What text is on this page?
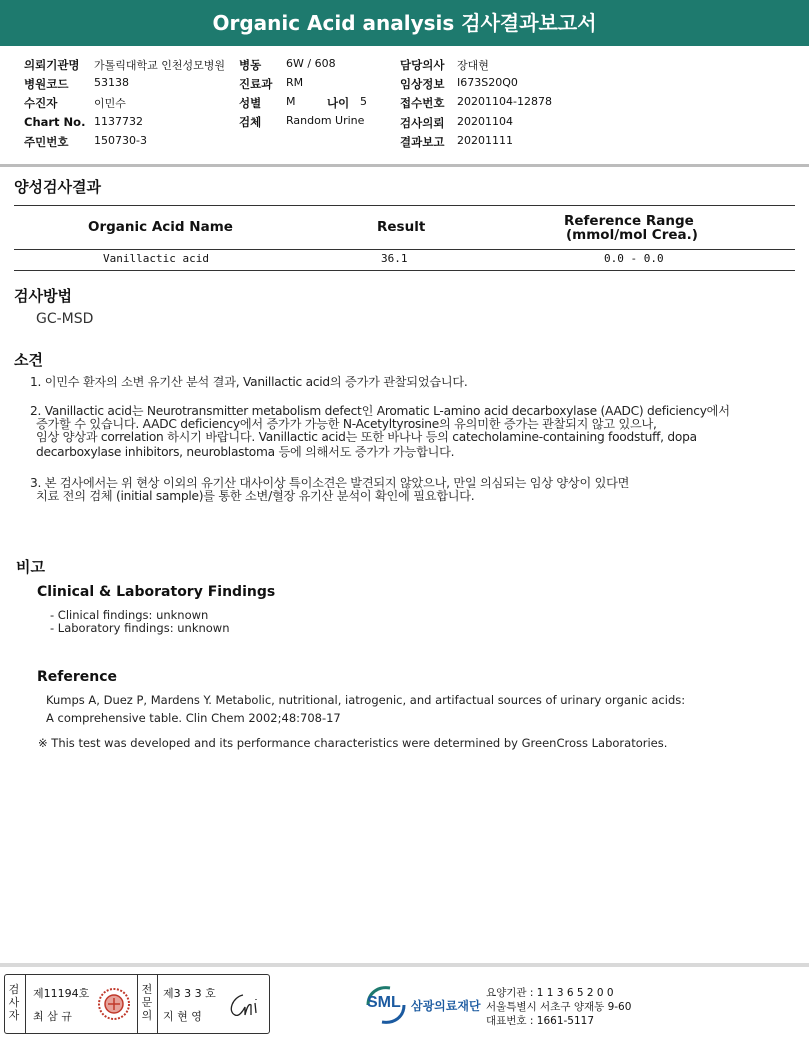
Organic Acid analysis 검사결과보고서
의뢰기관명 가톨릭대학교 인천성모병원 병동 6W / 608	담당의사 장대현
병원코드 53138	진료과 RM	임상정보 I673S20Q0
수진자	이민수	성별 M	나이 5	접수번호 20201104-12878
Chart No. 1137732	검체 Random Urine	검사의뢰 20201104
주민번호 150730-3	결과보고 20201111
양성검사결과
Organic Acid Name	Result	Reference Range
(mmol/mol Crea.)
Vanillactic acid	36.1	0.0 - 0.0
검사방법
GC-MSD
소견
1. 이민수 환자의 소변 유기산 분석 결과, Vanillactic acid의 증가가 관찰되었습니다.
2. Vanillactic acid는 Neurotransmitter metabolism defect인 Aromatic L-amino acid decarboxylase (AADC) deficiency에서
증가할 수 있습니다. AADC deficiency에서 증가가 가능한 N-Acetyltyrosine의 유의미한 증가는 관찰되지 않고 있으나,
임상 양상과 correlation 하시기 바랍니다. Vanillactic acid는 또한 바나나 등의 catecholamine-containing foodstuff, dopa
decarboxylase inhibitors, neuroblastoma 등에 의해서도 증가가 가능합니다.
3. 본 검사에서는 위 현상 이외의 유기산 대사이상 특이소견은 발견되지 않았으나, 만일 의심되는 임상 양상이 있다면
치료 전의 검체 (initial sample)를 통한 소변/혈장 유기산 분석이 확인에 필요합니다.
비고
Clinical & Laboratory Findings
- Clinical findings: unknown
- Laboratory findings: unknown
Reference
Kumps A, Duez P, Mardens Y. Metabolic, nutritional, iatrogenic, and artifactual sources of urinary organic acids:
A comprehensive table. Clin Chem 2002;48:708-17
※ This test was developed and its performance characteristics were determined by GreenCross Laboratories.
검
사
자
제11194호
최 삼 규
전
문
의
제3 3 3 호
지 현 영
SML 삼광의료재단
요양기관 : 1 1 3 6 5 2 0 0
서울특별시 서초구 양재동 9-60
대표번호 : 1661-5117
